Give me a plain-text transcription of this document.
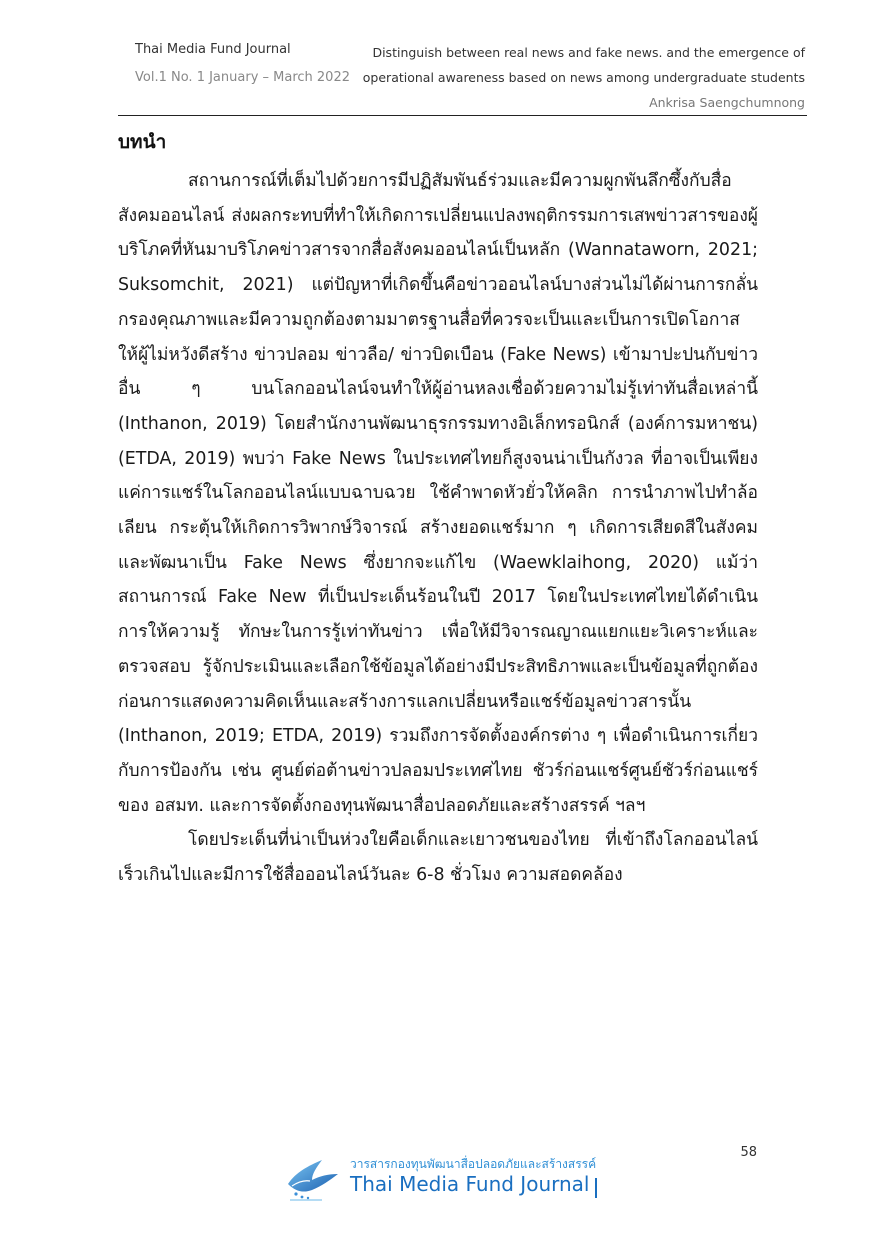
Thai Media Fund Journal
Vol.1 No. 1 January – March 2022
Distinguish between real news and fake news. and the emergence of
operational awareness based on news among undergraduate students
Ankrisa Saengchumnong
บทนำ

สถานการณ์ที่เต็มไปด้วยการมีปฏิสัมพันธ์ร่วมและมีความผูกพันลึกซึ้งกับสื่อสังคมออนไลน์ ส่งผลกระทบที่ทำให้เกิดการเปลี่ยนแปลงพฤติกรรมการเสพข่าวสารของผู้บริโภคที่หันมาบริโภคข่าวสารจากสื่อสังคมออนไลน์เป็นหลัก (Wannataworn, 2021; Suksomchit, 2021) แต่ปัญหาที่เกิดขึ้นคือข่าวออนไลน์บางส่วนไม่ได้ผ่านการกลั่นกรองคุณภาพและมีความถูกต้องตามมาตรฐานสื่อที่ควรจะเป็นและเป็นการเปิดโอกาสให้ผู้ไม่หวังดีสร้าง ข่าวปลอม ข่าวลือ/ ข่าวบิดเบือน (Fake News) เข้ามาปะปนกับข่าวอื่น ๆ บนโลกออนไลน์จนทำให้ผู้อ่านหลงเชื่อด้วยความไม่รู้เท่าทันสื่อเหล่านี้ (Inthanon, 2019) โดยสำนักงานพัฒนาธุรกรรมทางอิเล็กทรอนิกส์ (องค์การมหาชน) (ETDA, 2019) พบว่า Fake News ในประเทศไทยก็สูงจนน่าเป็นกังวล ที่อาจเป็นเพียงแค่การแชร์ในโลกออนไลน์แบบฉาบฉวย ใช้คำพาดหัวยั่วให้คลิก การนำภาพไปทำล้อเลียน กระตุ้นให้เกิดการวิพากษ์วิจารณ์ สร้างยอดแชร์มาก ๆ เกิดการเสียดสีในสังคม และพัฒนาเป็น Fake News ซึ่งยากจะแก้ไข (Waewklaihong, 2020) แม้ว่าสถานการณ์ Fake New ที่เป็นประเด็นร้อนในปี 2017 โดยในประเทศไทยได้ดำเนินการให้ความรู้ ทักษะในการรู้เท่าทันข่าว เพื่อให้มีวิจารณญาณแยกแยะวิเคราะห์และตรวจสอบ รู้จักประเมินและเลือกใช้ข้อมูลได้อย่างมีประสิทธิภาพและเป็นข้อมูลที่ถูกต้องก่อนการแสดงความคิดเห็นและสร้างการแลกเปลี่ยนหรือแชร์ข้อมูลข่าวสารนั้น (Inthanon, 2019; ETDA, 2019) รวมถึงการจัดตั้งองค์กรต่าง ๆ เพื่อดำเนินการเกี่ยวกับการป้องกัน เช่น ศูนย์ต่อต้านข่าวปลอมประเทศไทย ชัวร์ก่อนแชร์ศูนย์ชัวร์ก่อนแชร์ของ อสมท. และการจัดตั้งกองทุนพัฒนาสื่อปลอดภัยและสร้างสรรค์ ฯลฯ

โดยประเด็นที่น่าเป็นห่วงใยคือเด็กและเยาวชนของไทย ที่เข้าถึงโลกออนไลน์เร็วเกินไปและมีการใช้สื่อออนไลน์วันละ 6-8 ชั่วโมง ความสอดคล้อง

58
วารสารกองทุนพัฒนาสื่อปลอดภัยและสร้างสรรค์
Thai Media Fund Journal
